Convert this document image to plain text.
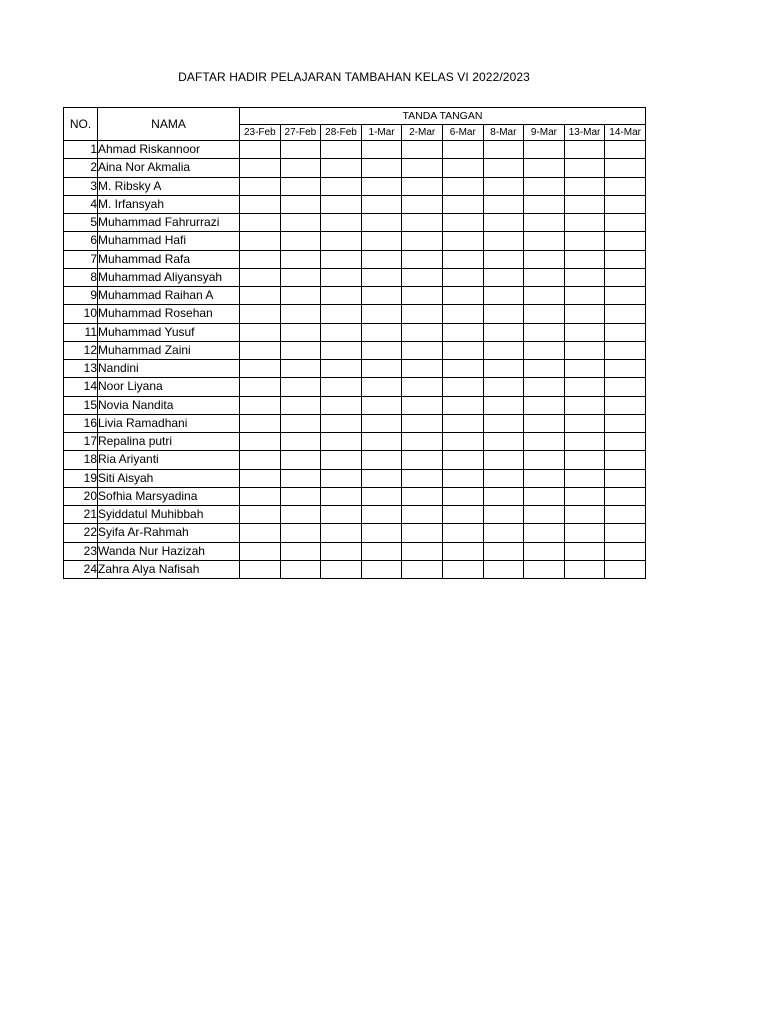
DAFTAR HADIR PELAJARAN TAMBAHAN KELAS VI 2022/2023
NO.	NAMA	TANDA TANGAN									
		23-Feb	27-Feb	28-Feb	1-Mar	2-Mar	6-Mar	8-Mar	9-Mar	13-Mar	14-Mar
1	Ahmad Riskannoor										
2	Aina Nor Akmalia										
3	M. Ribsky A										
4	M. Irfansyah										
5	Muhammad Fahrurrazi										
6	Muhammad Hafi										
7	Muhammad Rafa										
8	Muhammad Aliyansyah										
9	Muhammad Raihan A										
10	Muhammad Rosehan										
11	Muhammad Yusuf										
12	Muhammad Zaini										
13	Nandini										
14	Noor Liyana										
15	Novia Nandita										
16	Livia Ramadhani										
17	Repalina putri										
18	Ria Ariyanti										
19	Siti Aisyah										
20	Sofhia Marsyadina										
21	Syiddatul Muhibbah										
22	Syifa Ar-Rahmah										
23	Wanda Nur Hazizah										
24	Zahra Alya Nafisah										
